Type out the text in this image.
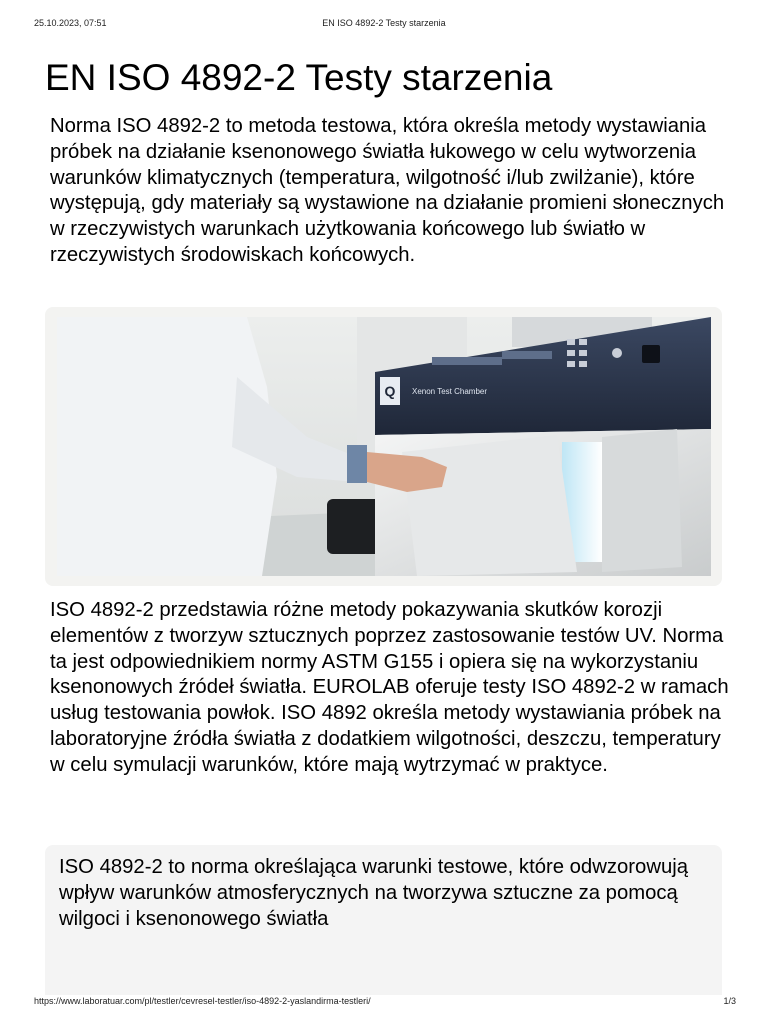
25.10.2023, 07:51	EN ISO 4892-2 Testy starzenia
EN ISO 4892-2 Testy starzenia

Norma ISO 4892-2 to metoda testowa, która określa metody wystawiania próbek na działanie ksenonowego światła łukowego w celu wytworzenia warunków klimatycznych (temperatura, wilgotność i/lub zwilżanie), które występują, gdy materiały są wystawione na działanie promieni słonecznych w rzeczywistych warunkach użytkowania końcowego lub światło w rzeczywistych środowiskach końcowych.

Q Xenon Test Chamber

ISO 4892-2 przedstawia różne metody pokazywania skutków korozji elementów z tworzyw sztucznych poprzez zastosowanie testów UV. Norma ta jest odpowiednikiem normy ASTM G155 i opiera się na wykorzystaniu ksenonowych źródeł światła. EUROLAB oferuje testy ISO 4892-2 w ramach usług testowania powłok. ISO 4892 określa metody wystawiania próbek na laboratoryjne źródła światła z dodatkiem wilgotności, deszczu, temperatury w celu symulacji warunków, które mają wytrzymać w praktyce.

ISO 4892-2 to norma określająca warunki testowe, które odwzorowują wpływ warunków atmosferycznych na tworzywa sztuczne za pomocą wilgoci i ksenonowego światła

https://www.laboratuar.com/pl/testler/cevresel-testler/iso-4892-2-yaslandirma-testleri/	1/3
